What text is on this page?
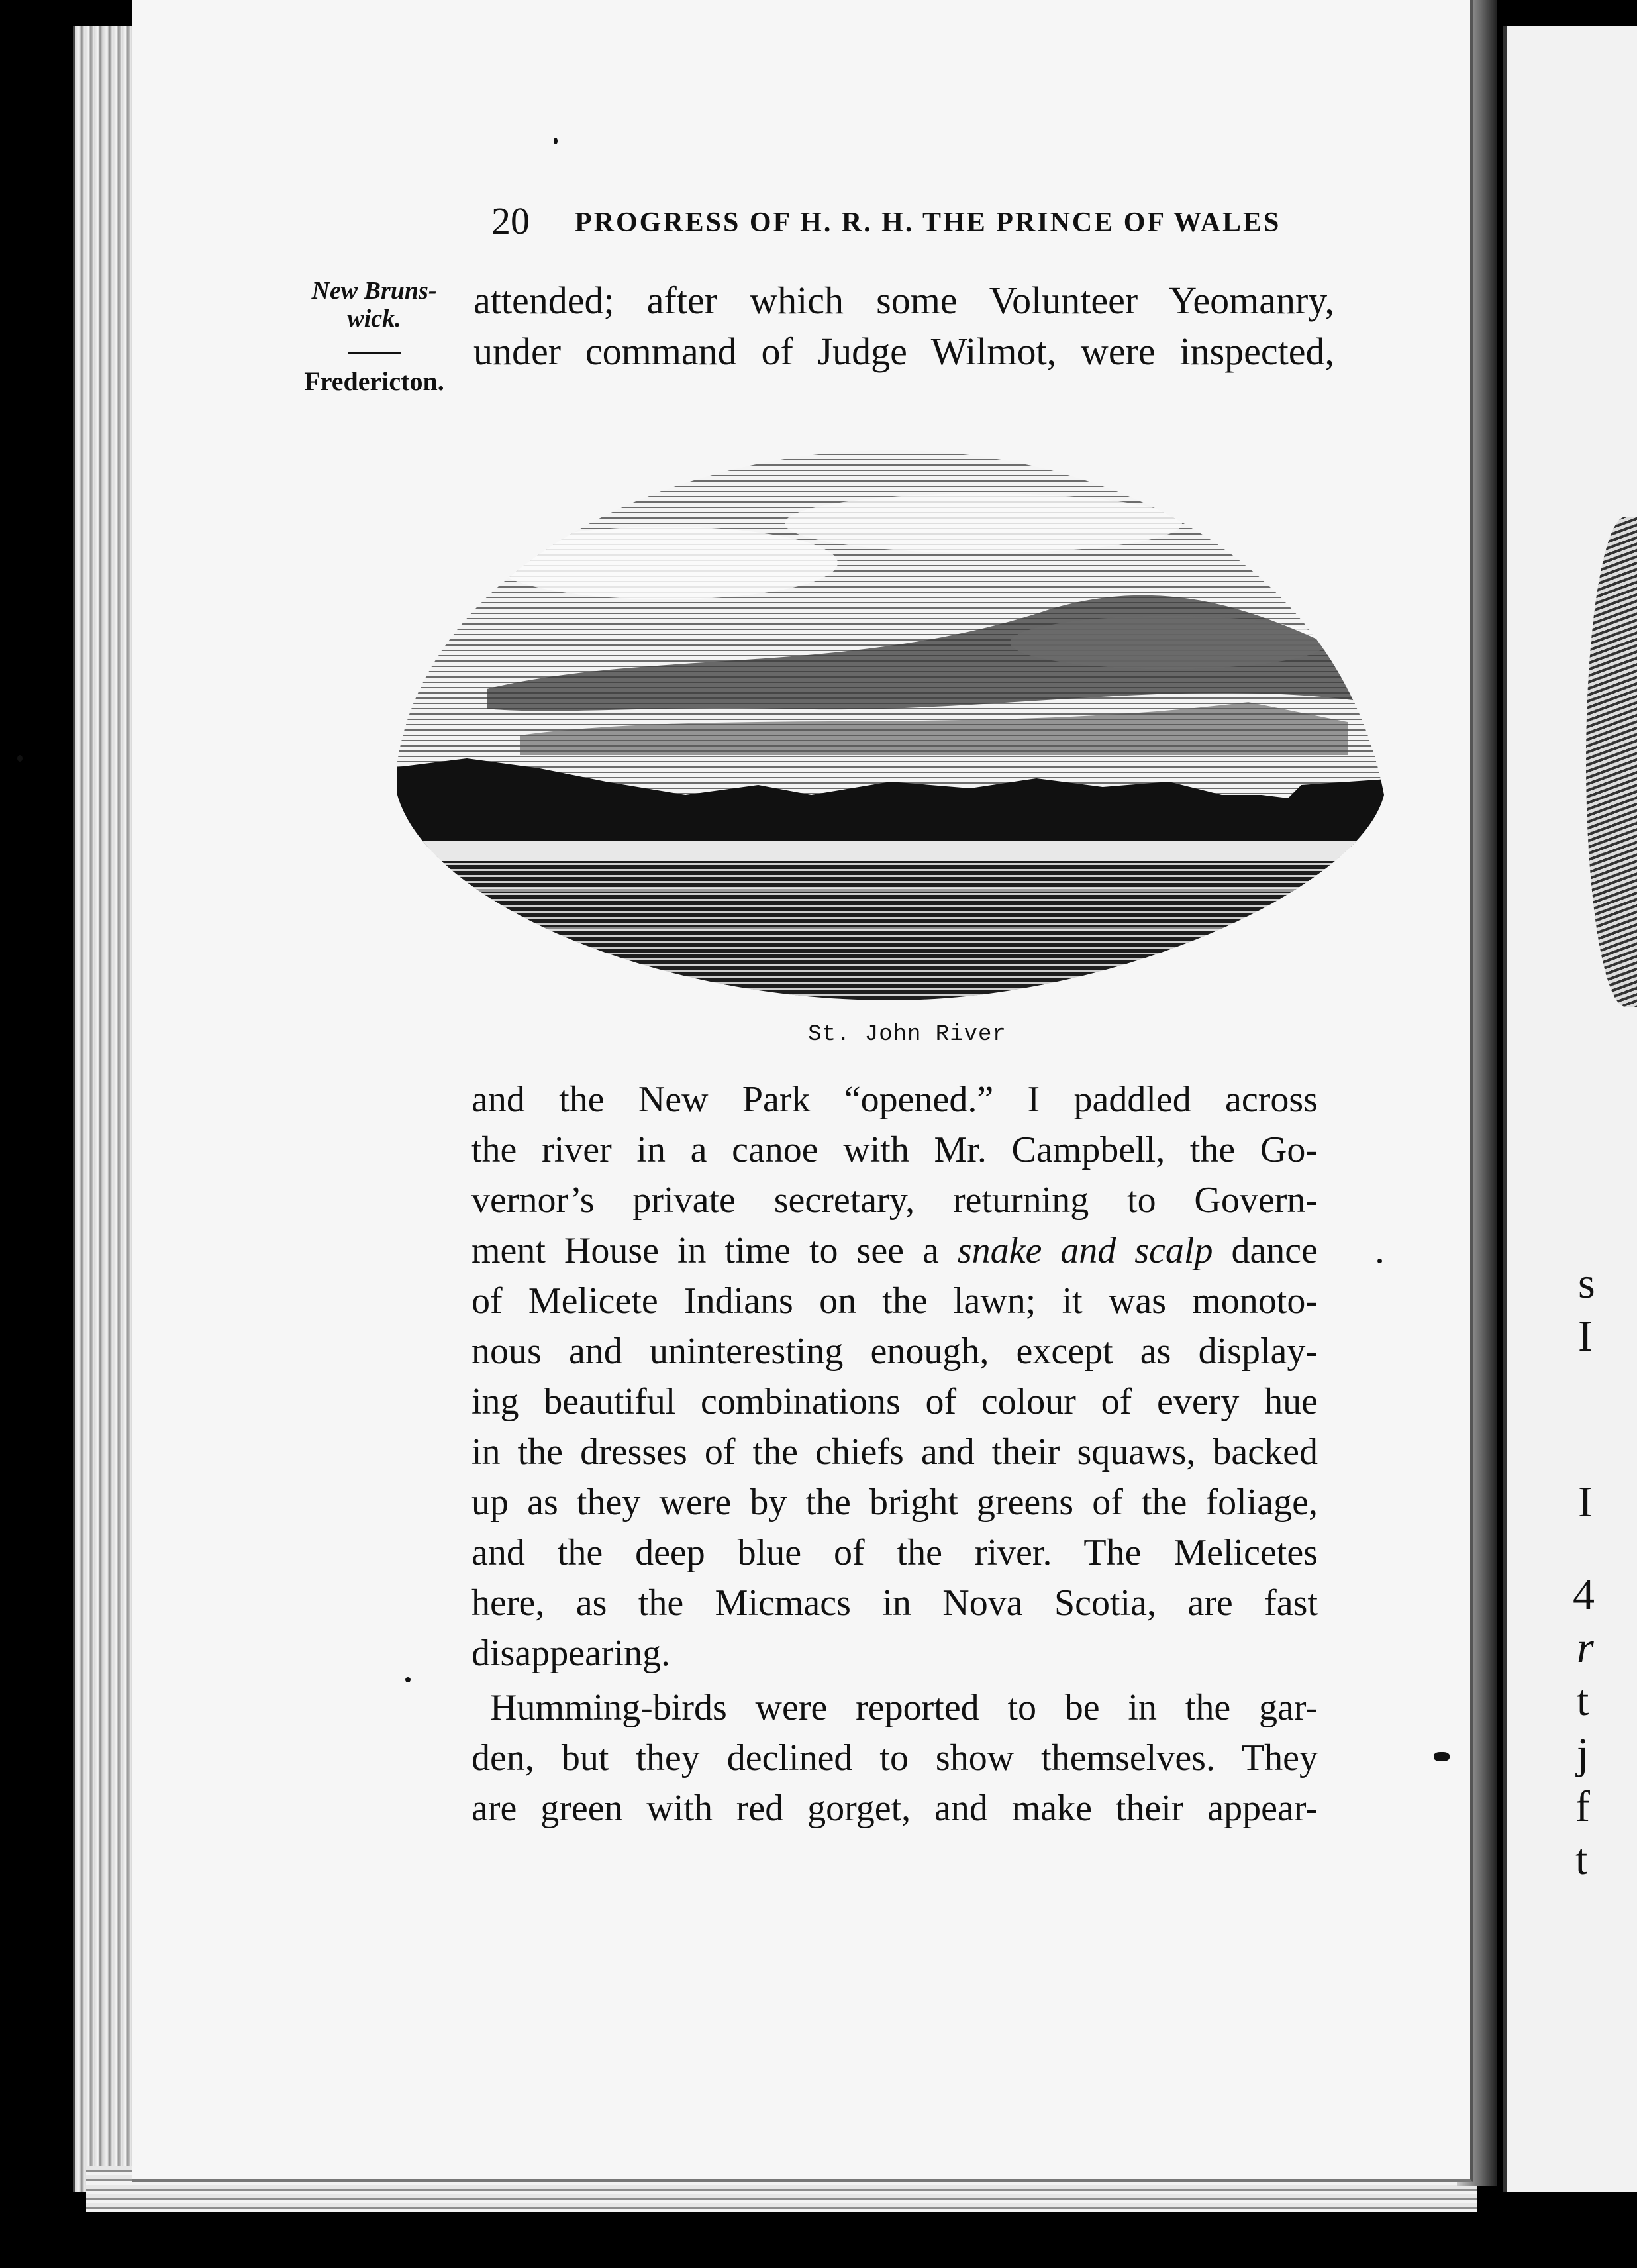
s
I
I
4
r
t
j
f
t
20 PROGRESS OF H. R. H. THE PRINCE OF WALES
New Bruns-
wick.
Fredericton.
attended; after which some Volunteer Yeomanry,
under command of Judge Wilmot, were inspected,
St. John River
and the New Park “opened.” I paddled across
the river in a canoe with Mr. Campbell, the Go-
vernor’s private secretary, returning to Govern-
ment House in time to see a snake and scalp dance
of Melicete Indians on the lawn; it was monoto-
nous and uninteresting enough, except as display-
ing beautiful combinations of colour of every hue
in the dresses of the chiefs and their squaws, backed
up as they were by the bright greens of the foliage,
and the deep blue of the river. The Melicetes
here, as the Micmacs in Nova Scotia, are fast
disappearing.
Humming-birds were reported to be in the gar-
den, but they declined to show themselves. They
are green with red gorget, and make their appear-
